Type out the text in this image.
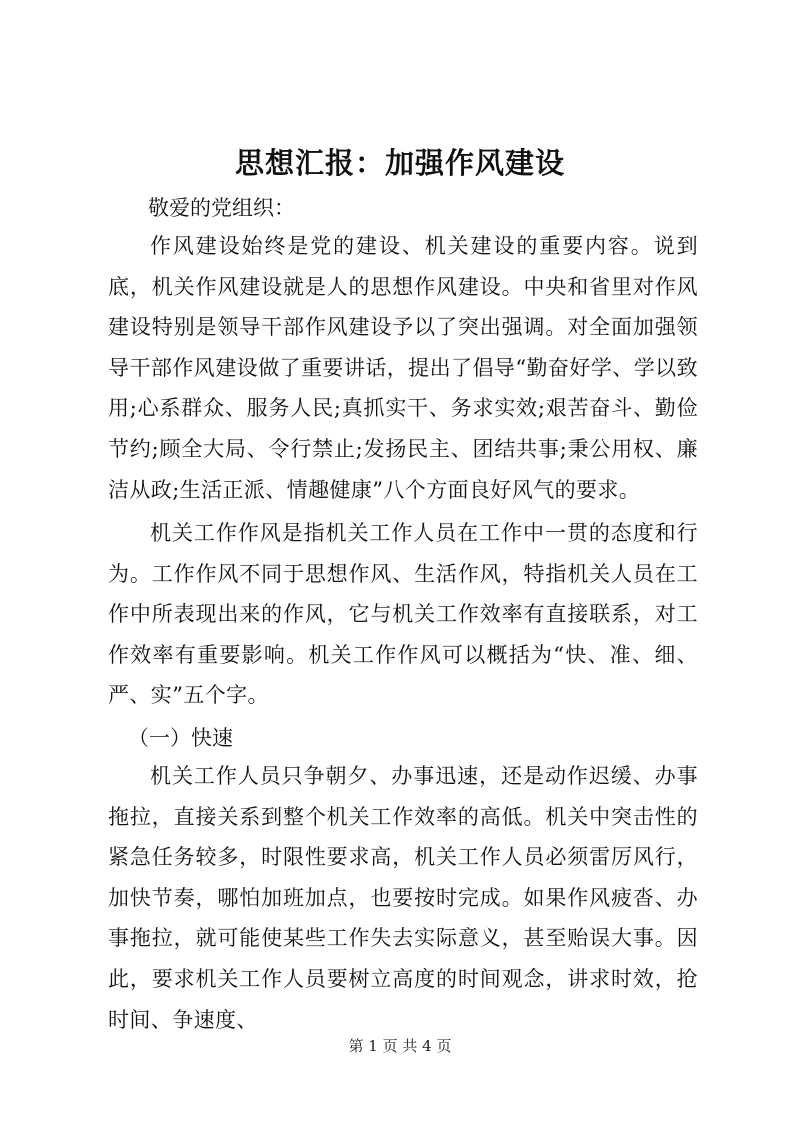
思想汇报：加强作风建设
敬爱的党组织：

作风建设始终是党的建设、机关建设的重要内容。说到底，机关作风建设就是人的思想作风建设。中央和省里对作风建设特别是领导干部作风建设予以了突出强调。对全面加强领导干部作风建设做了重要讲话，提出了倡导“勤奋好学、学以致用;心系群众、服务人民;真抓实干、务求实效;艰苦奋斗、勤俭节约;顾全大局、令行禁止;发扬民主、团结共事;秉公用权、廉洁从政;生活正派、情趣健康”八个方面良好风气的要求。

机关工作作风是指机关工作人员在工作中一贯的态度和行为。工作作风不同于思想作风、生活作风，特指机关人员在工作中所表现出来的作风，它与机关工作效率有直接联系，对工作效率有重要影响。机关工作作风可以概括为“快、准、细、严、实”五个字。

（一）快速

机关工作人员只争朝夕、办事迅速，还是动作迟缓、办事拖拉，直接关系到整个机关工作效率的高低。机关中突击性的紧急任务较多，时限性要求高，机关工作人员必须雷厉风行，加快节奏，哪怕加班加点，也要按时完成。如果作风疲沓、办事拖拉，就可能使某些工作失去实际意义，甚至贻误大事。因此，要求机关工作人员要树立高度的时间观念，讲求时效，抢时间、争速度、

第 1 页 共 4 页
